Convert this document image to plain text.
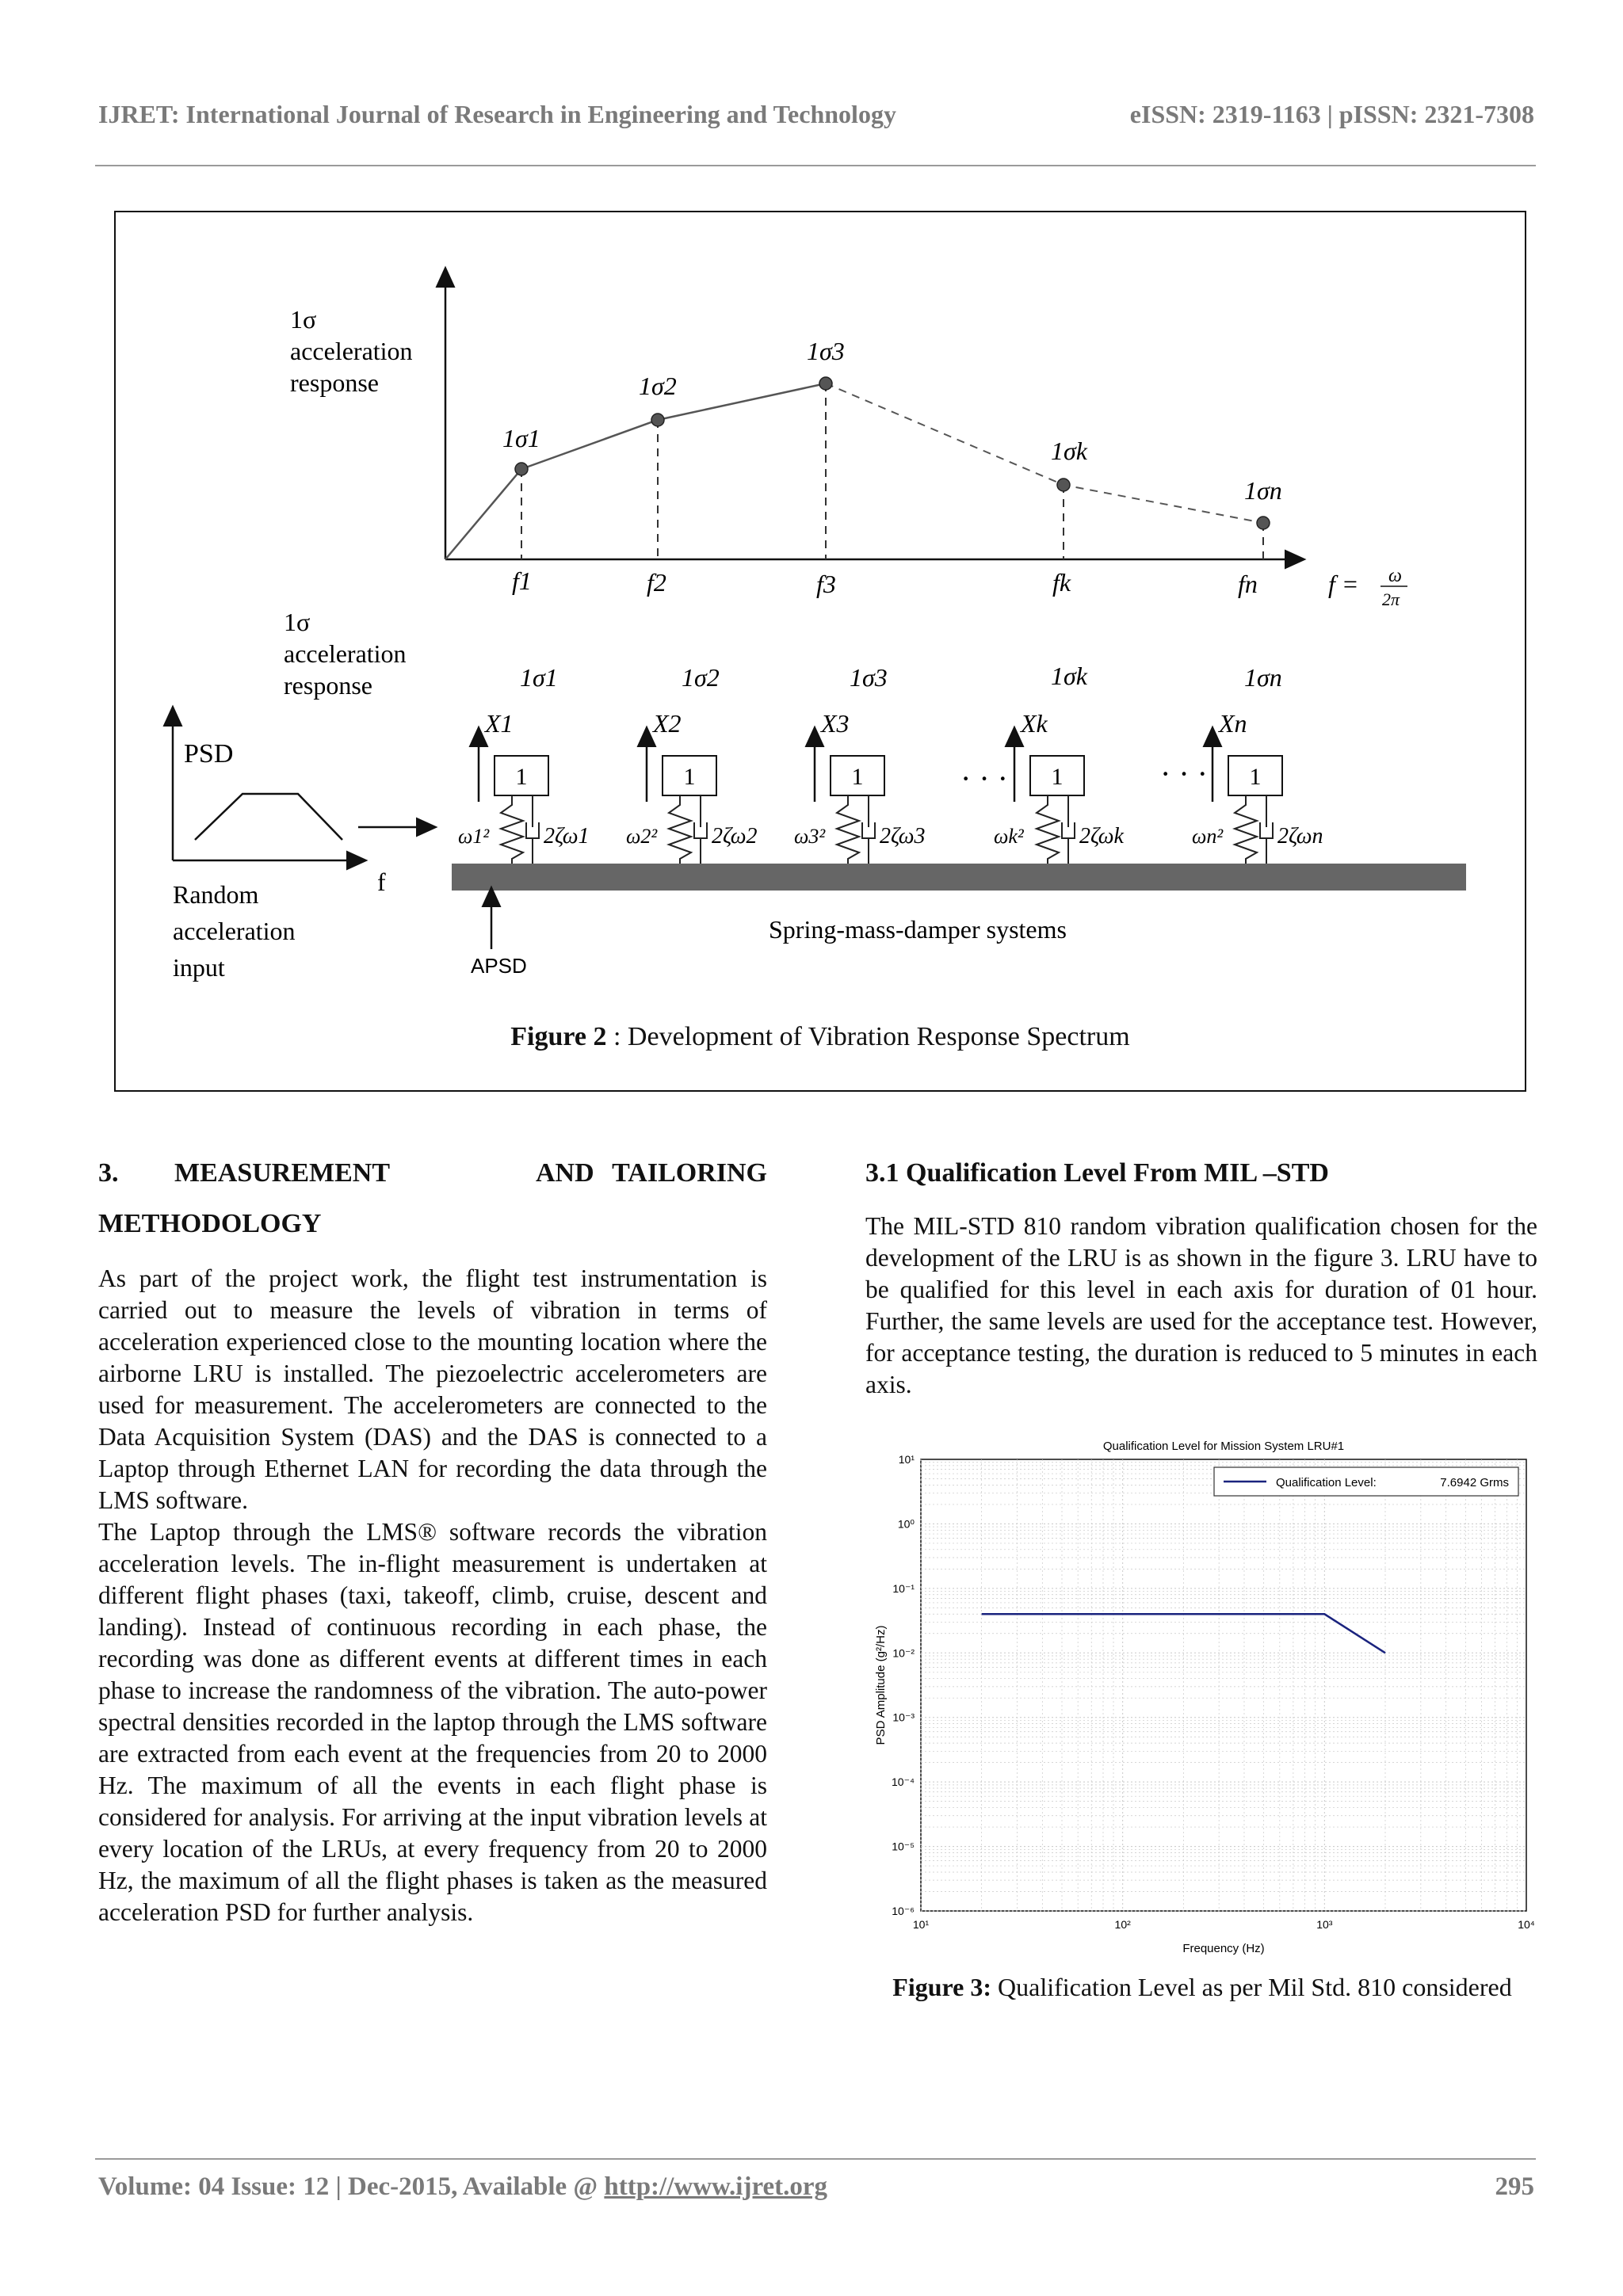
IJRET: International Journal of Research in Engineering and Technology	eISSN: 2319-1163 | pISSN: 2321-7308
1σ
acceleration
response
1σ1
1σ2
1σ3
1σk
1σn
f1	f2	f3	fk	fn	f = ω
2π
1σ
acceleration
response	1σ1	1σ2	1σ3	1σk	1σn
PSD
f
Random
acceleration
input	APSD
Spring-mass-damper systems
1
X1
ω1² 2ζω1
1
X2
ω2² 2ζω2
1
X3
ω3² 2ζω3
1
Xk
ωk²	2ζωk
1
Xn
ωn² 2ζωn
· · ·	· · ·
Figure 2 : Development of Vibration Response Spectrum
3. MEASUREMENT	AND TAILORING
METHODOLOGY
As part of the project work, the flight test instrumentation is carried out to measure the levels of vibration in terms of acceleration experienced close to the mounting location where the airborne LRU is installed. The piezoelectric accelerometers are used for measurement. The accelerometers are connected to the Data Acquisition System (DAS) and the DAS is connected to a Laptop through Ethernet LAN for recording the data through the LMS software.
The Laptop through the LMS® software records the vibration acceleration levels. The in-flight measurement is undertaken at different flight phases (taxi, takeoff, climb, cruise, descent and landing). Instead of continuous recording in each phase, the recording was done as different events at different times in each phase to increase the randomness of the vibration. The auto-power spectral densities recorded in the laptop through the LMS software are extracted from each event at the frequencies from 20 to 2000 Hz. The maximum of all the events in each flight phase is considered for analysis. For arriving at the input vibration levels at every location of the LRUs, at every frequency from 20 to 2000 Hz, the maximum of all the flight phases is taken as the measured acceleration PSD for further analysis.
3.1 Qualification Level From MIL –STD
The MIL-STD 810 random vibration qualification chosen for the development of the LRU is as shown in the figure 3. LRU have to be qualified for this level in each axis for duration of 01 hour. Further, the same levels are used for the acceptance test. However, for acceptance testing, the duration is reduced to 5 minutes in each axis.
10¹	10²	10³	10⁴
10¹
10⁰
10⁻¹
10⁻²
10⁻³
10⁻⁴
10⁻⁵
10⁻⁶
Qualification Level for Mission System LRU#1
Frequency (Hz)
PSD Amplitude (g²/Hz)
Qualification Level:	7.6942 Grms
Figure 3: Qualification Level as per Mil Std. 810 considered
Volume: 04 Issue: 12 | Dec-2015, Available @ http://www.ijret.org	295
